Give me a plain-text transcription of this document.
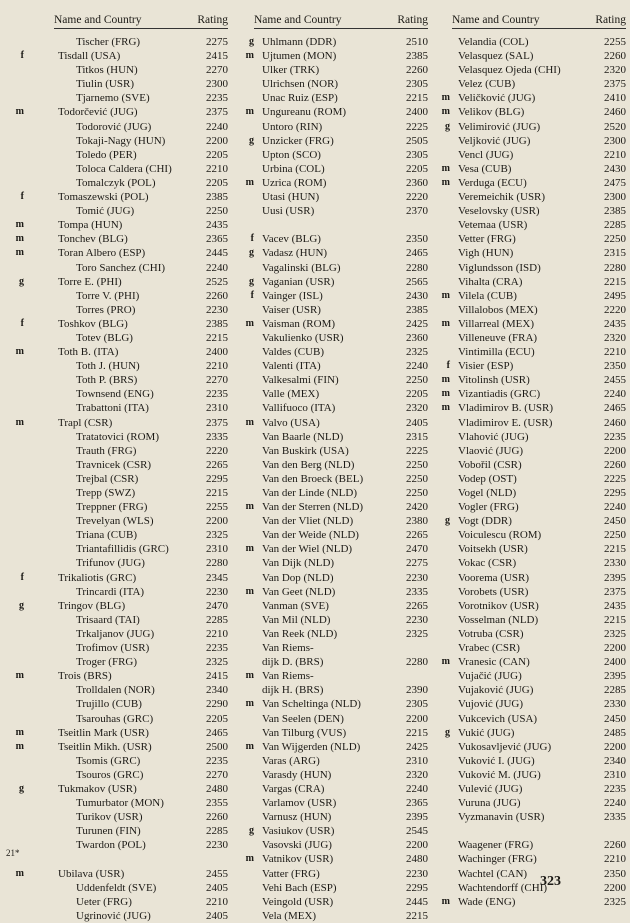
Name and Country	Rating
Tischer (FRG)	2275
f	Tisdall (USA)	2415
Titkos (HUN)	2270
Tiulin (USR)	2300
Tjarnemo (SVE)	2235
m	Todorčević (JUG)	2375
Todorović (JUG)	2240
Tokaji-Nagy (HUN)	2200
Toledo (PER)	2205
Toloca Caldera (CHI)	2210
Tomalczyk (POL)	2205
f	Tomaszewski (POL)	2385
Tomić (JUG)	2250
m	Tompa (HUN)	2435
m	Tonchev (BLG)	2365
m	Toran Albero (ESP)	2445
Toro Sanchez (CHI)	2240
g	Torre E. (PHI)	2525
Torre V. (PHI)	2260
Torres (PRO)	2230
f	Toshkov (BLG)	2385
Totev (BLG)	2215
m	Toth B. (ITA)	2400
Toth J. (HUN)	2210
Toth P. (BRS)	2270
Townsend (ENG)	2235
Trabattoni (ITA)	2310
m	Trapl (CSR)	2375
Tratatovici (ROM)	2335
Trauth (FRG)	2220
Travnicek (CSR)	2265
Trejbal (CSR)	2295
Trepp (SWZ)	2215
Treppner (FRG)	2255
Trevelyan (WLS)	2200
Triana (CUB)	2325
Triantafillidis (GRC)	2310
Trifunov (JUG)	2280
f	Trikaliotis (GRC)	2345
Trincardi (ITA)	2230
g	Tringov (BLG)	2470
Trisaard (TAI)	2285
Trkaljanov (JUG)	2210
Trofimov (USR)	2235
Troger (FRG)	2325
m	Trois (BRS)	2415
Trolldalen (NOR)	2340
Trujillo (CUB)	2290
Tsarouhas (GRC)	2205
m	Tseitlin Mark (USR)	2465
m	Tseitlin Mikh. (USR)	2500
Tsomis (GRC)	2235
Tsouros (GRC)	2270
g	Tukmakov (USR)	2480
Tumurbator (MON)	2355
Turikov (USR)	2260
Turunen (FIN)	2285
Twardon (POL)	2230
m	Ubilava (USR)	2455
Uddenfeldt (SVE)	2405
Ueter (FRG)	2210
Ugrinović (JUG)	2405
Name and Country	Rating
g Uhlmann (DDR)	2510
m Ujtumen (MON)	2385
Ulker (TRK)	2260
Ulrichsen (NOR)	2305
Unac Ruiz (ESP)	2215
m Ungureanu (ROM)	2400
Untoro (RIN)	2225
g Unzicker (FRG)	2505
Upton (SCO)	2305
Urbina (COL)	2205
m Uzrica (ROM)	2360
Utasi (HUN)	2220
Uusi (USR)	2370
f Vacev (BLG)	2350
g Vadasz (HUN)	2465
Vagalinski (BLG)	2280
g Vaganian (USR)	2565
f Vainger (ISL)	2430
Vaiser (USR)	2385
m Vaisman (ROM)	2425
Vakulienko (USR)	2360
Valdes (CUB)	2325
Valenti (ITA)	2240
Valkesalmi (FIN)	2250
Valle (MEX)	2205
Vallifuoco (ITA)	2320
m Valvo (USA)	2405
Van Baarle (NLD)	2315
Van Buskirk (USA)	2225
Van den Berg (NLD)	2250
Van den Broeck (BEL)	2250
Van der Linde (NLD)	2250
m Van der Sterren (NLD)	2420
Van der Vliet (NLD)	2380
Van der Weide (NLD)	2265
m Van der Wiel (NLD)	2470
Van Dijk (NLD)	2275
Van Dop (NLD)	2230
m Van Geet (NLD)	2335
Vanman (SVE)	2265
Van Mil (NLD)	2230
Van Reek (NLD)	2325
Van Riems-
dijk D. (BRS)	2280
m Van Riems-
dijk H. (BRS)	2390
m Van Scheltinga (NLD)	2305
Van Seelen (DEN)	2200
Van Tilburg (VUS)	2215
m Van Wijgerden (NLD)	2425
Varas (ARG)	2310
Varasdy (HUN)	2320
Vargas (CRA)	2240
Varlamov (USR)	2365
Varnusz (HUN)	2395
g Vasiukov (USR)	2545
Vasovski (JUG)	2200
m Vatnikov (USR)	2480
Vatter (FRG)	2230
Vehi Bach (ESP)	2295
Veingold (USR)	2445
Vela (MEX)	2215
Name and Country	Rating
Velandia (COL)	2255
Velasquez (SAL)	2260
Velasquez Ojeda (CHI)	2320
Velez (CUB)	2375
m Veličković (JUG)	2410
m Velikov (BLG)	2460
g Velimirović (JUG)	2520
Veljković (JUG)	2300
Vencl (JUG)	2210
m Vesa (CUB)	2430
m Verduga (ECU)	2475
Veremeichik (USR)	2300
Veselovsky (USR)	2385
Vetemaa (USR)	2285
Vetter (FRG)	2250
Vigh (HUN)	2315
Viglundsson (ISD)	2280
Vihalta (CRA)	2215
m Vilela (CUB)	2495
Villalobos (MEX)	2220
m Villarreal (MEX)	2435
Villeneuve (FRA)	2320
Vintimilla (ECU)	2210
f Visier (ESP)	2350
m Vitolinsh (USR)	2455
m Vizantiadis (GRC)	2240
m Vladimirov B. (USR)	2465
Vladimirov E. (USR)	2460
Vlahović (JUG)	2235
Vlaović (JUG)	2200
Vobořil (CSR)	2260
Vodep (OST)	2225
Vogel (NLD)	2295
Vogler (FRG)	2240
g Vogt (DDR)	2450
Voiculescu (ROM)	2250
Voitsekh (USR)	2215
Vokac (CSR)	2330
Voorema (USR)	2395
Vorobets (USR)	2375
Vorotnikov (USR)	2435
Vosselman (NLD)	2215
Votruba (CSR)	2325
Vrabec (CSR)	2200
m Vranesic (CAN)	2400
Vujačić (JUG)	2395
Vujaković (JUG)	2285
Vujović (JUG)	2330
Vukcevich (USA)	2450
g Vukić (JUG)	2485
Vukosavljević (JUG)	2200
Vuković I. (JUG)	2340
Vuković M. (JUG)	2310
Vulević (JUG)	2235
Vuruna (JUG)	2240
Vyzmanavin (USR)	2335
Waagener (FRG)	2260
Wachinger (FRG)	2210
Wachtel (CAN)	2350
Wachtendorff (CHI)	2200
m Wade (ENG)	2325
21*
323
